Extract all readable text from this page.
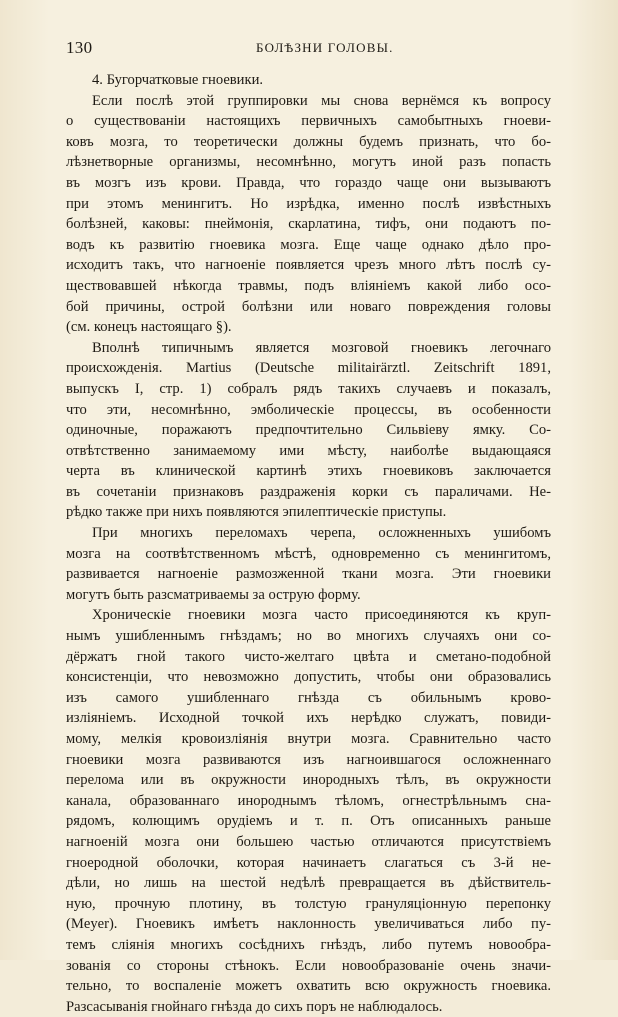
130	БОЛѢЗНИ ГОЛОВЫ.
4. Бугорчатковые гноевики.
Если послѣ этой группировки мы снова вернёмся къ вопросу
о существованіи настоящихъ первичныхъ самобытныхъ гноеви-
ковъ мозга, то теоретически должны будемъ признать, что бо-
лѣзнетворные организмы, несомнѣнно, могутъ иной разъ попасть
въ мозгъ изъ крови. Правда, что гораздо чаще они вызываютъ
при этомъ менингитъ. Но изрѣдка, именно послѣ извѣстныхъ
болѣзней, каковы: пнеймонія, скарлатина, тифъ, они подаютъ по-
водъ къ развитію гноевика мозга. Еще чаще однако дѣло про-
исходитъ такъ, что нагноеніе появляется чрезъ много лѣтъ послѣ су-
ществовавшей нѣкогда травмы, подъ вліяніемъ какой либо осо-
бой причины, острой болѣзни или новаго повреждения головы
(см. конецъ настоящаго §).
Вполнѣ типичнымъ является мозговой гноевикъ легочнаго
происхожденія. Martius (Deutsche militairärztl. Zeitschrift 1891,
выпускъ I, стр. 1) собралъ рядъ такихъ случаевъ и показалъ,
что эти, несомнѣнно, эмболическіе процессы, въ особенности
одиночные, поражаютъ предпочтительно Сильвіеву ямку. Со-
отвѣтственно занимаемому ими мѣсту, наиболѣе выдающаяся
черта въ клинической картинѣ этихъ гноевиковъ заключается
въ сочетаніи признаковъ раздраженія корки съ параличами. Не-
рѣдко также при нихъ появляются эпилептическіе приступы.
При многихъ переломахъ черепа, осложненныхъ ушибомъ
мозга на соотвѣтственномъ мѣстѣ, одновременно съ менингитомъ,
развивается нагноеніе размозженной ткани мозга. Эти гноевики
могутъ быть разсматриваемы за острую форму.
Хроническіе гноевики мозга часто присоединяются къ круп-
нымъ ушибленнымъ гнѣздамъ; но во многихъ случаяхъ они со-
дёржатъ гной такого чисто-желтаго цвѣта и сметано-подобной
консистенціи, что невозможно допустить, чтобы они образовались
изъ самого ушибленнаго гнѣзда съ обильнымъ крово-
изліяніемъ. Исходной точкой ихъ нерѣдко служатъ, повиди-
мому, мелкія кровоизлiянія внутри мозга. Сравнительно часто
гноевики мозга развиваются изъ нагноившагося осложненнаго
перелома или въ окружности инородныхъ тѣлъ, въ окружности
канала, образованнаго инороднымъ тѣломъ, огнестрѣльнымъ сна-
рядомъ, колющимъ орудіемъ и т. п. Отъ описанныхъ раньше
нагноеній мозга они большею частью отличаются присутствіемъ
гноеродной оболочки, которая начинаетъ слагаться съ 3-й не-
дѣли, но лишь на шестой недѣлѣ превращается въ дѣйствитель-
ную, прочную плотину, въ толстую грануляціонную перепонку
(Meyer). Гноевикъ имѣетъ наклонность увеличиваться либо пу-
темъ сліянія многихъ сосѣднихъ гнѣздъ, либо путемъ новообра-
зованія со стороны стѣнокъ. Если новообразованіе очень значи-
тельно, то воспаленіе можетъ охватить всю окружность гноевика.
Разсасыванія гнойнаго гнѣзда до сихъ поръ не наблюдалось.
